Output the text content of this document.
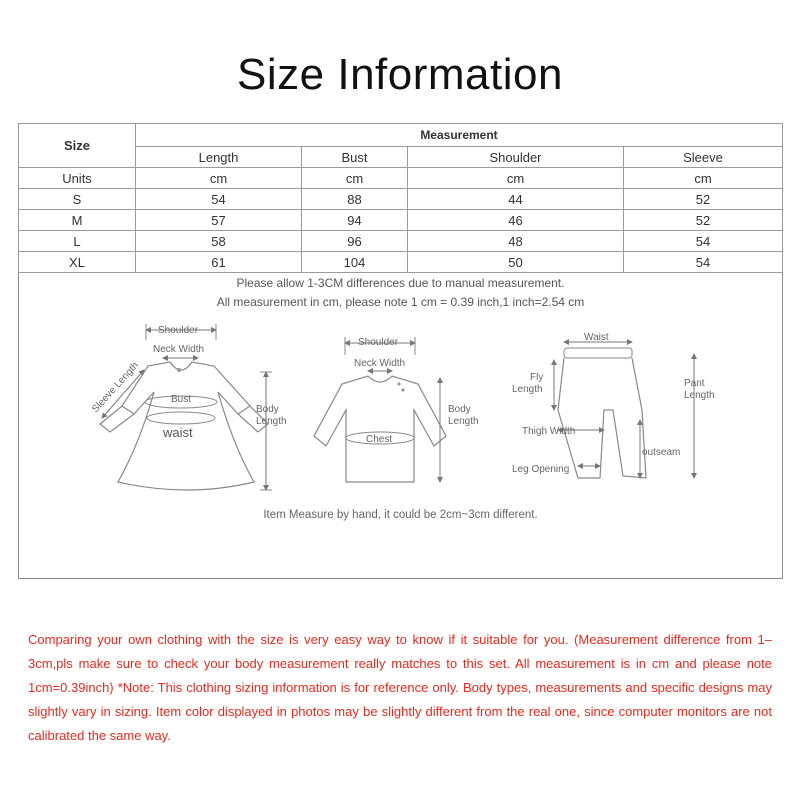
Size Information
Size	Measurement			
	Length	Bust	Shoulder	Sleeve
Units	cm	cm	cm	cm
S	54	88	44	52
M	57	94	46	52
L	58	96	48	54
XL	61	104	50	54
Please allow 1-3CM differences due to manual measurement.
All measurement in cm, please note 1 cm = 0.39 inch,1 inch=2.54 cm
Shoulder
Neck Width
Sleeve Length	Bust
waist
Body
Length
Shoulder
Neck Width
Chest
Body
Length
Waist
Fly
Length
Pant
Length
Thigh Width
outseam
Leg Opening
Item Measure by hand, it could be 2cm~3cm different.

Comparing your own clothing with the size is very easy way to know if it suitable for you. (Measurement difference from 1– 3cm,pls make sure to check your body measurement really matches to this set. All measurement is in cm and please note 1cm=0.39inch) *Note: This clothing sizing information is for reference only. Body types, measurements and specific designs may slightly vary in sizing. Item color displayed in photos may be slightly different from the real one, since computer monitors are not calibrated the same way.
